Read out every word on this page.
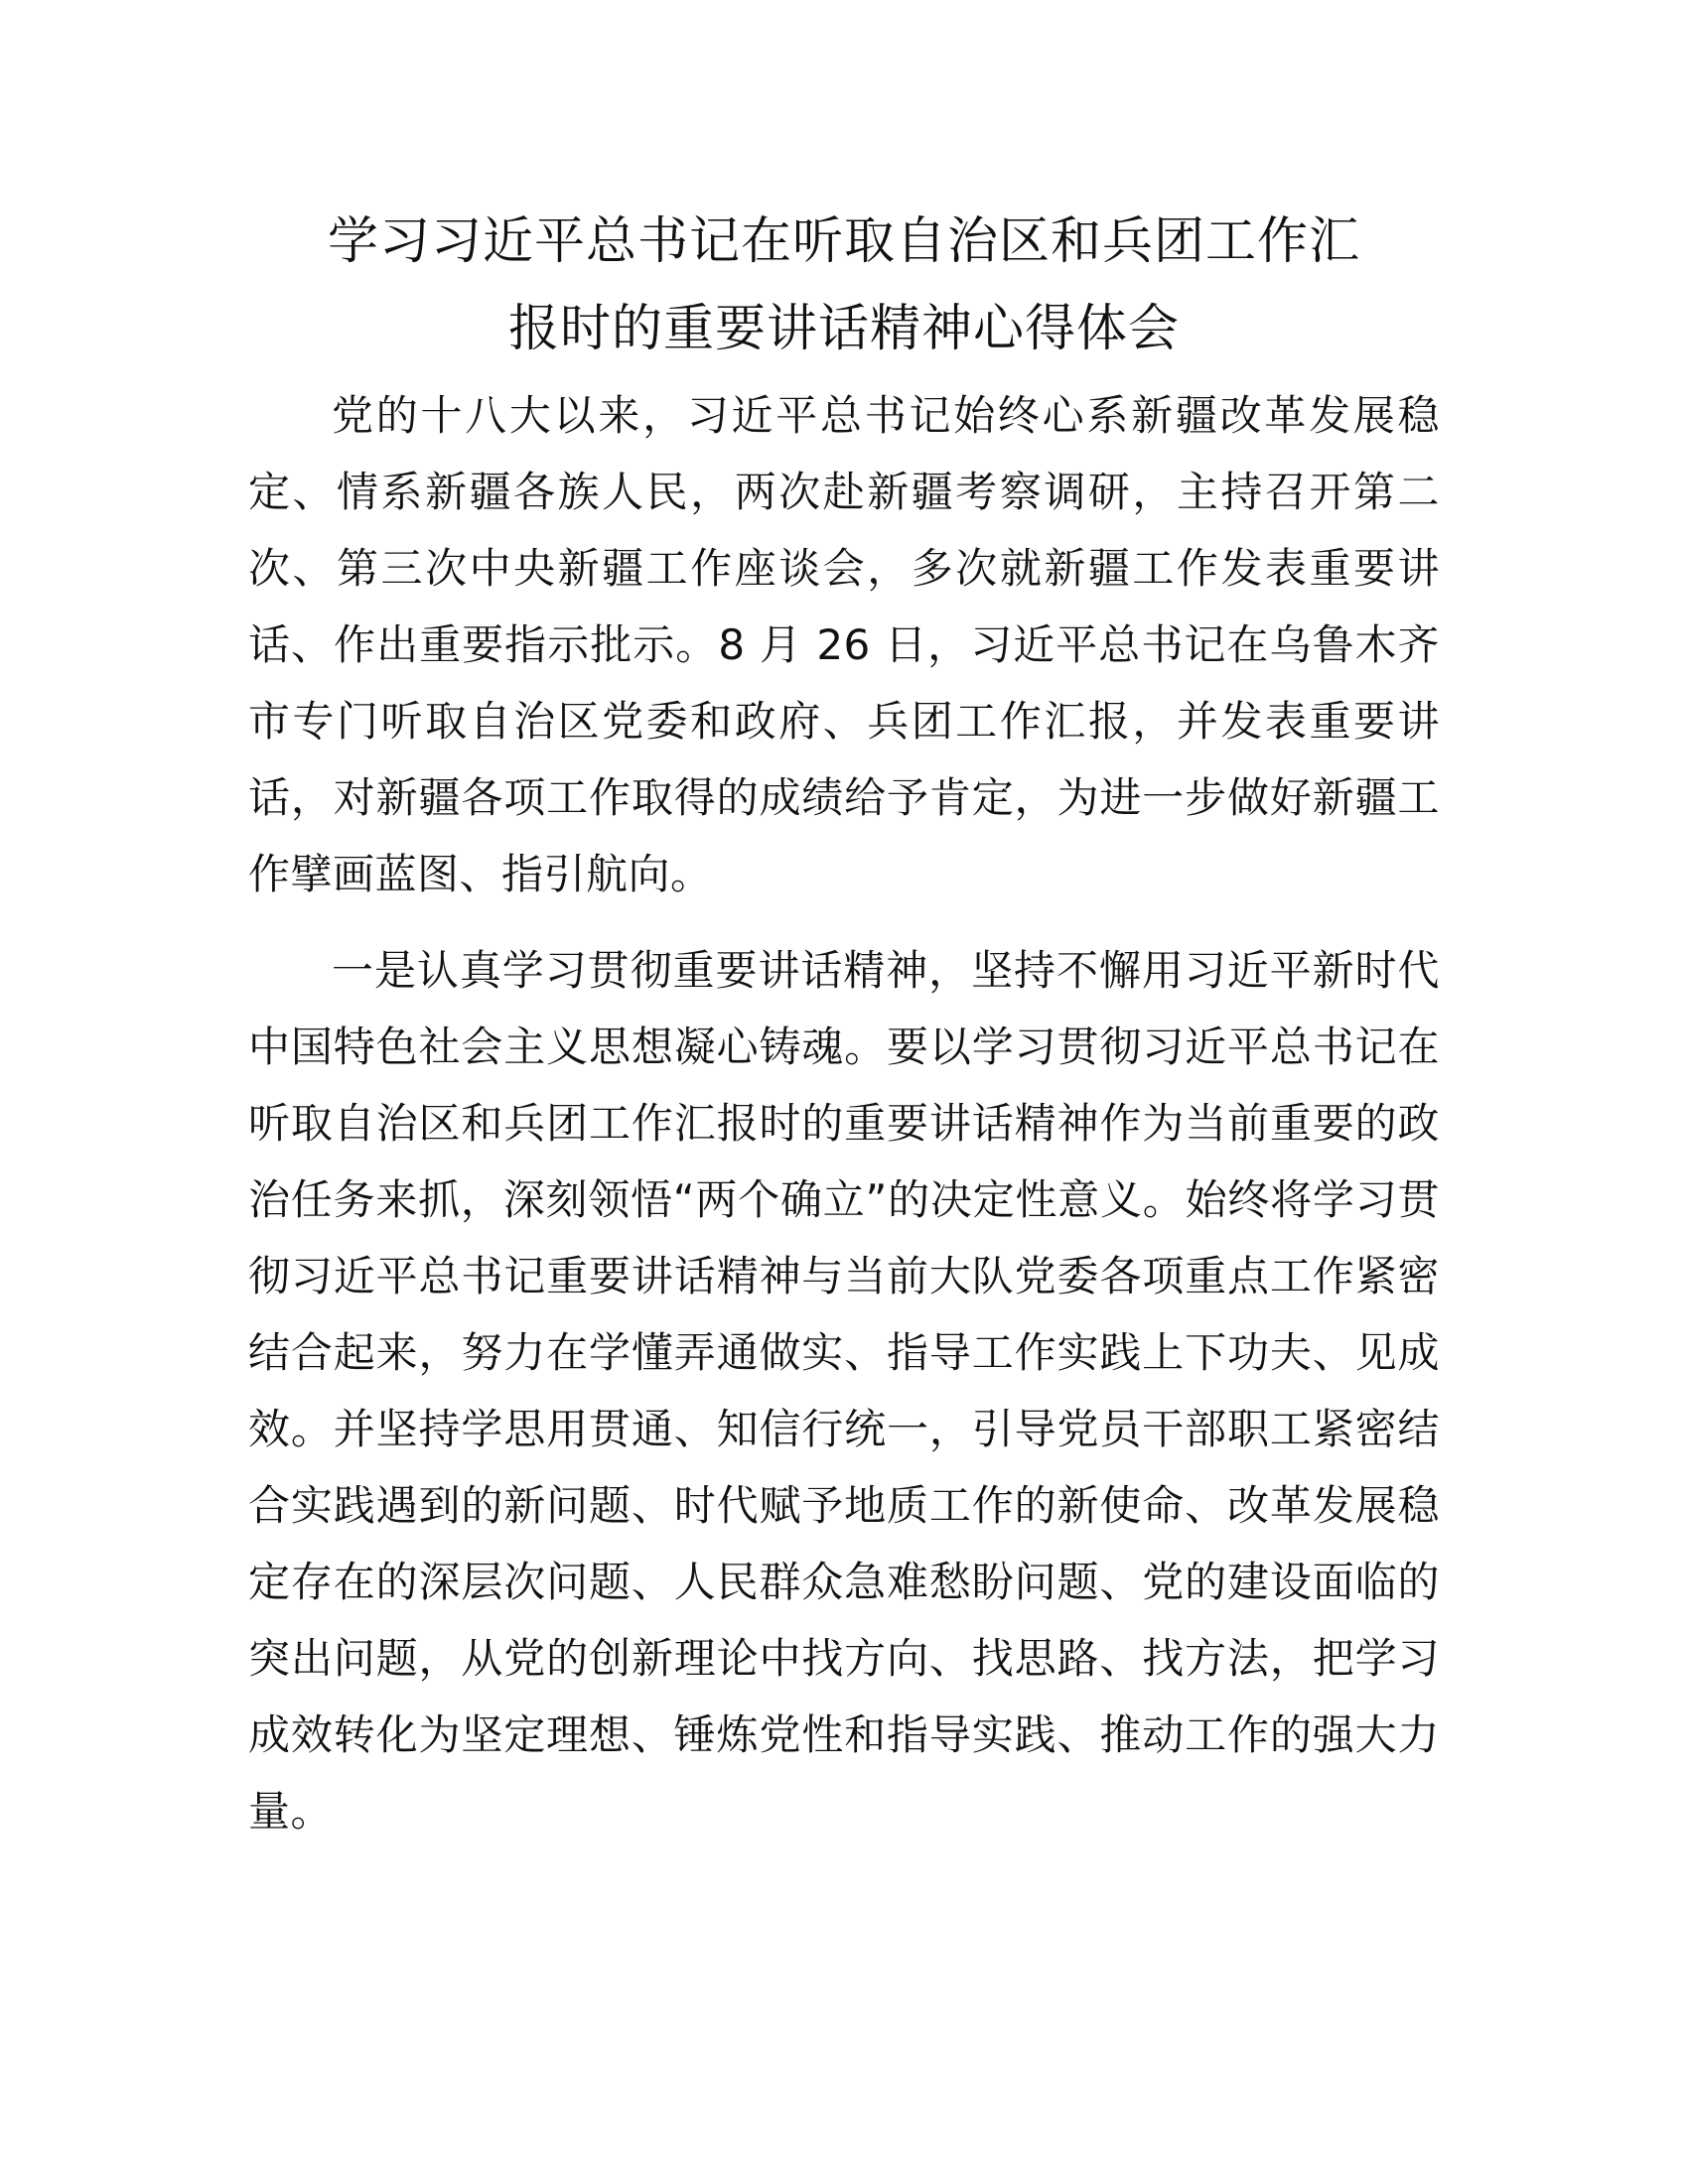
学习习近平总书记在听取自治区和兵团工作汇
报时的重要讲话精神心得体会

党的十八大以来，习近平总书记始终心系新疆改革发展稳定、情系新疆各族人民，两次赴新疆考察调研，主持召开第二次、第三次中央新疆工作座谈会，多次就新疆工作发表重要讲话、作出重要指示批示。8 月 26 日，习近平总书记在乌鲁木齐市专门听取自治区党委和政府、兵团工作汇报，并发表重要讲话，对新疆各项工作取得的成绩给予肯定，为进一步做好新疆工作擘画蓝图、指引航向。

一是认真学习贯彻重要讲话精神，坚持不懈用习近平新时代中国特色社会主义思想凝心铸魂。要以学习贯彻习近平总书记在听取自治区和兵团工作汇报时的重要讲话精神作为当前重要的政治任务来抓，深刻领悟“两个确立”的决定性意义。始终将学习贯彻习近平总书记重要讲话精神与当前大队党委各项重点工作紧密结合起来，努力在学懂弄通做实、指导工作实践上下功夫、见成效。并坚持学思用贯通、知信行统一，引导党员干部职工紧密结合实践遇到的新问题、时代赋予地质工作的新使命、改革发展稳定存在的深层次问题、人民群众急难愁盼问题、党的建设面临的突出问题，从党的创新理论中找方向、找思路、找方法，把学习成效转化为坚定理想、锤炼党性和指导实践、推动工作的强大力量。
